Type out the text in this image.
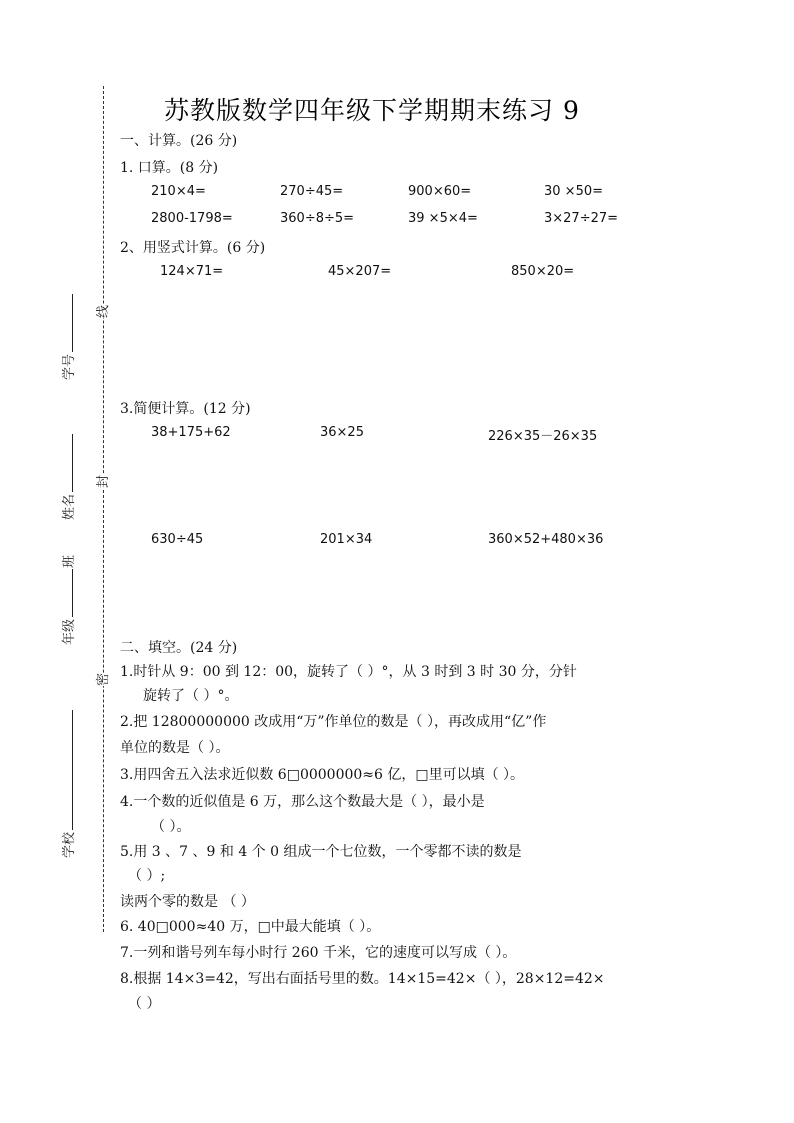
线
封
密
学号
姓名
班
年级
学校
苏教版数学四年级下学期期末练习 9
一、计算。(26 分)
1. 口算。(8 分)
210×4=	270÷45=	900×60=	30 ×50=
2800-1798=	360÷8÷5=	39 ×5×4=	3×27÷27=
2、用竖式计算。(6 分)
124×71=	45×207=	850×20=
3.简便计算。(12 分)
38+175+62	36×25	226×35－26×35
630÷45	201×34	360×52+480×36
二、填空。(24 分)
1.时针从 9：00 到 12：00，旋转了（ ）°，从 3 时到 3 时 30 分，分针
旋转了（ ）°。
2.把 12800000000 改成用“万”作单位的数是（ ），再改成用“亿”作
单位的数是（ ）。
3.用四舍五入法求近似数 6□0000000≈6 亿，□里可以填（ ）。
4.一个数的近似值是 6 万，那么这个数最大是（ ），最小是
（ ）。
5.用 3 、7 、9 和 4 个 0 组成一个七位数，一个零都不读的数是
（ ）;
读两个零的数是 （ ）
6. 40□000≈40 万，□中最大能填（ ）。
7.一列和谐号列车每小时行 260 千米，它的速度可以写成（ ）。
8.根据 14×3=42，写出右面括号里的数。14×15=42×（ ），28×12=42×
（ ）
